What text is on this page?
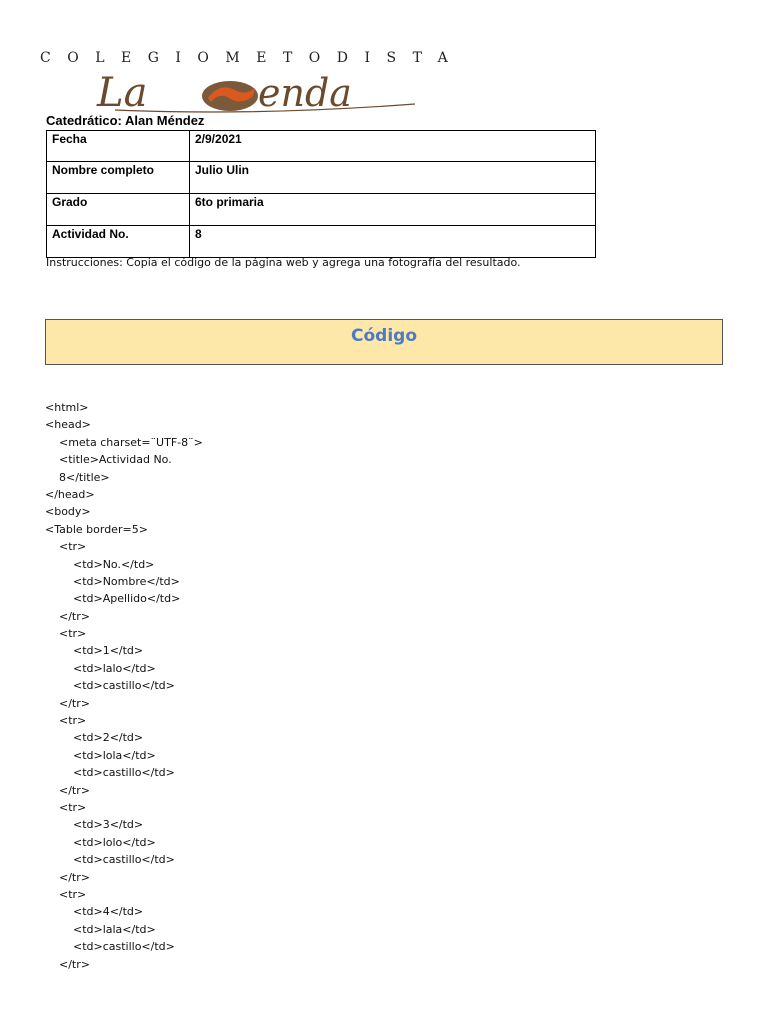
COLEGIOMETODISTA
La	enda
Catedrático: Alan Méndez
Fecha	2/9/2021
Nombre completo	Julio Ulin
Grado	6to primaria
Actividad No.	8
Instrucciones: Copia el código de la página web y agrega una fotografía del resultado.
Código
<html>
<head>
<meta charset=¨UTF-8¨>
<title>Actividad No.
8</title>
</head>
<body>
<Table border=5>
<tr>
<td>No.</td>
<td>Nombre</td>
<td>Apellido</td>
</tr>
<tr>
<td>1</td>
<td>lalo</td>
<td>castillo</td>
</tr>
<tr>
<td>2</td>
<td>lola</td>
<td>castillo</td>
</tr>
<tr>
<td>3</td>
<td>lolo</td>
<td>castillo</td>
</tr>
<tr>
<td>4</td>
<td>lala</td>
<td>castillo</td>
</tr>
